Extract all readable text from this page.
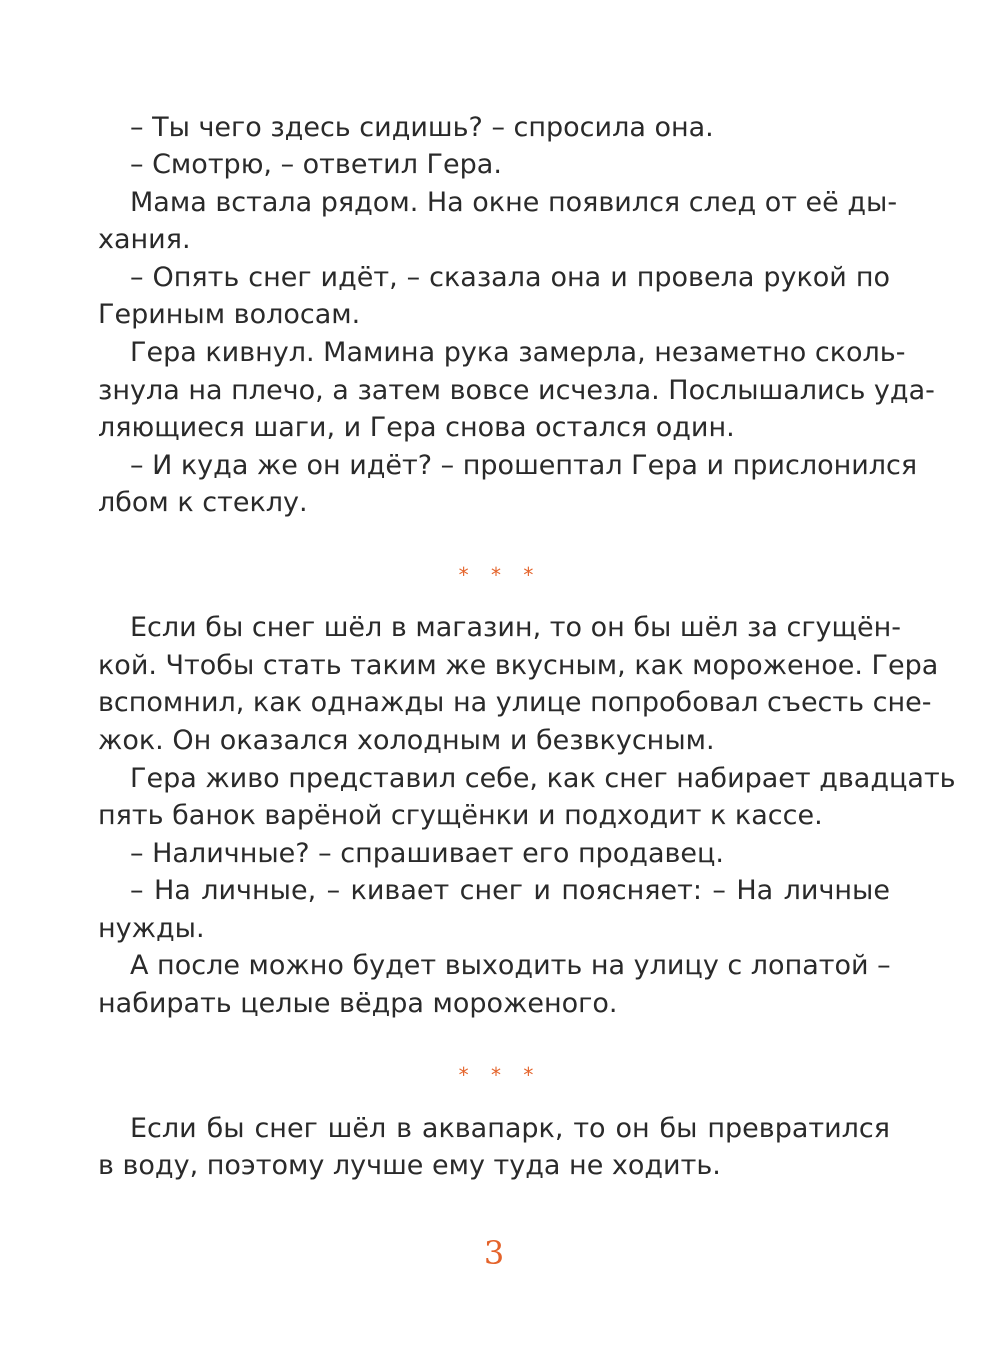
– Ты чего здесь сидишь? – спросила она.
– Смотрю, – ответил Гера.
Мама встала рядом. На окне появился след от её ды-
хания.
– Опять снег идёт, – сказала она и провела рукой по
Гериным волосам.
Гера кивнул. Мамина рука замерла, незаметно сколь-
знула на плечо, а затем вовсе исчезла. Послышались уда-
ляющиеся шаги, и Гера снова остался один.
– И куда же он идёт? – прошептал Гера и прислонился
лбом к стеклу.
* * *
Если бы снег шёл в магазин, то он бы шёл за сгущён-
кой. Чтобы стать таким же вкусным, как мороженое. Гера
вспомнил, как однажды на улице попробовал съесть сне-
жок. Он оказался холодным и безвкусным.
Гера живо представил себе, как снег набирает двадцать
пять банок варёной сгущёнки и подходит к кассе.
– Наличные? – спрашивает его продавец.
– На личные, – кивает снег и поясняет: – На личные
нужды.
А после можно будет выходить на улицу с лопатой –
набирать целые вёдра мороженого.
* * *
Если бы снег шёл в аквапарк, то он бы превратился
в воду, поэтому лучше ему туда не ходить.
3
